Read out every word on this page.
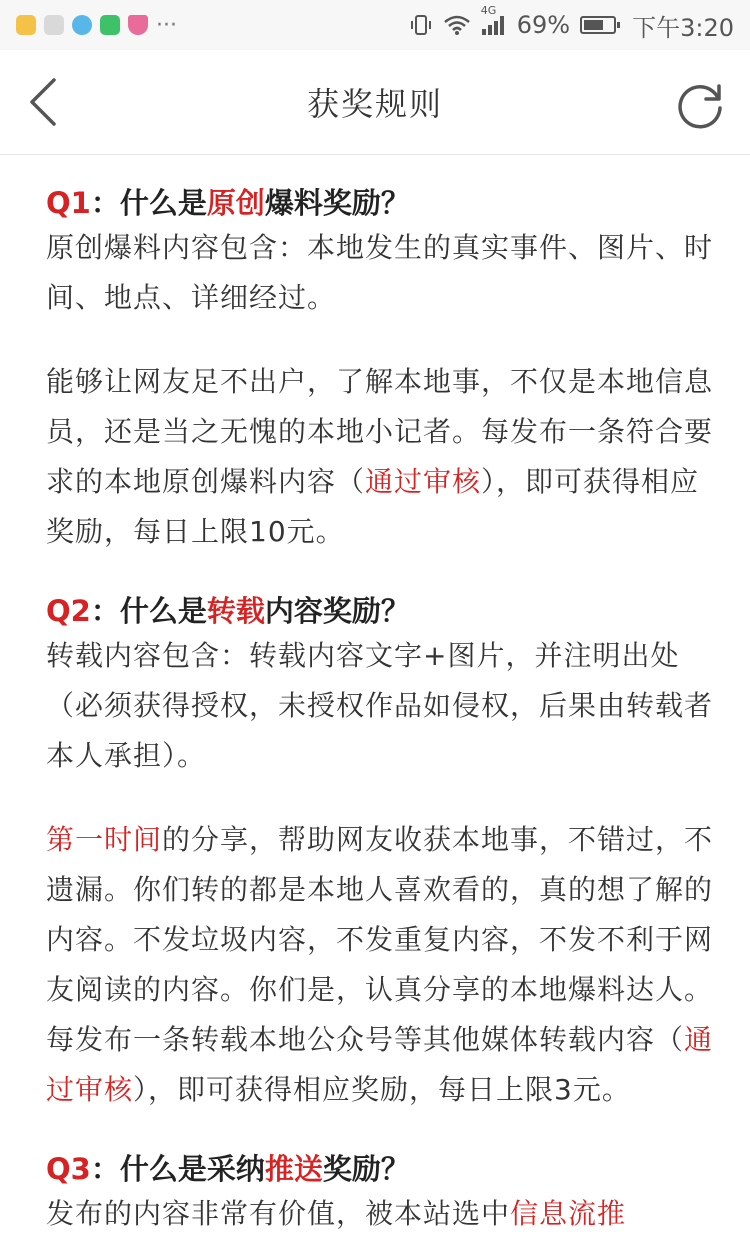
···
4G
69%	下午3:20
获奖规则
Q1：什么是原创爆料奖励？

原创爆料内容包含：本地发生的真实事件、图片、时间、地点、详细经过。

能够让网友足不出户，了解本地事，不仅是本地信息员，还是当之无愧的本地小记者。每发布一条符合要求的本地原创爆料内容（通过审核），即可获得相应奖励，每日上限10元。

Q2：什么是转载内容奖励？

转载内容包含：转载内容文字+图片，并注明出处（必须获得授权，未授权作品如侵权，后果由转载者本人承担）。

第一时间的分享，帮助网友收获本地事，不错过，不遗漏。你们转的都是本地人喜欢看的，真的想了解的内容。不发垃圾内容，不发重复内容，不发不利于网友阅读的内容。你们是，认真分享的本地爆料达人。每发布一条转载本地公众号等其他媒体转载内容（通过审核），即可获得相应奖励，每日上限3元。

Q3：什么是采纳推送奖励？

发布的内容非常有价值，被本站选中信息流推
